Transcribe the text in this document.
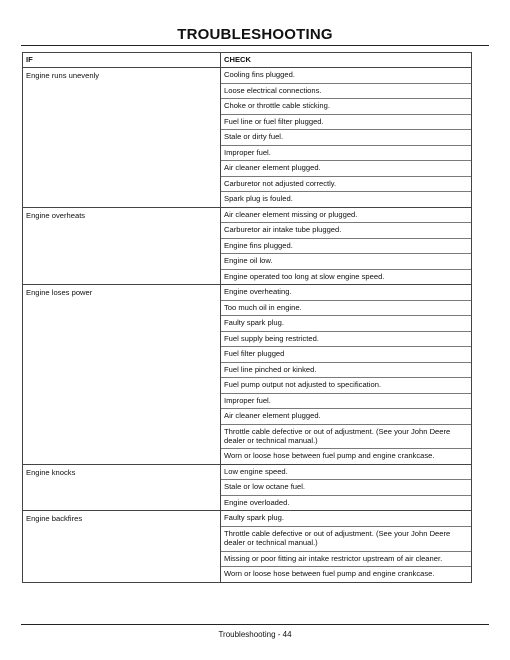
TROUBLESHOOTING
IF	CHECK
Engine runs unevenly	Cooling fins plugged.
Loose electrical connections.
Choke or throttle cable sticking.
Fuel line or fuel filter plugged.
Stale or dirty fuel.
Improper fuel.
Air cleaner element plugged.
Carburetor not adjusted correctly.
Spark plug is fouled.
Engine overheats	Air cleaner element missing or plugged.
Carburetor air intake tube plugged.
Engine fins plugged.
Engine oil low.
Engine operated too long at slow engine speed.
Engine loses power	Engine overheating.
Too much oil in engine.
Faulty spark plug.
Fuel supply being restricted.
Fuel filter plugged
Fuel line pinched or kinked.
Fuel pump output not adjusted to specification.
Improper fuel.
Air cleaner element plugged.
Throttle cable defective or out of adjustment. (See your John Deere dealer or technical manual.)
Worn or loose hose between fuel pump and engine crankcase.
Engine knocks	Low engine speed.
Stale or low octane fuel.
Engine overloaded.
Engine backfires	Faulty spark plug.
Throttle cable defective or out of adjustment. (See your John Deere dealer or technical manual.)
Missing or poor fitting air intake restrictor upstream of air cleaner.
Worn or loose hose between fuel pump and engine crankcase.
Troubleshooting - 44
